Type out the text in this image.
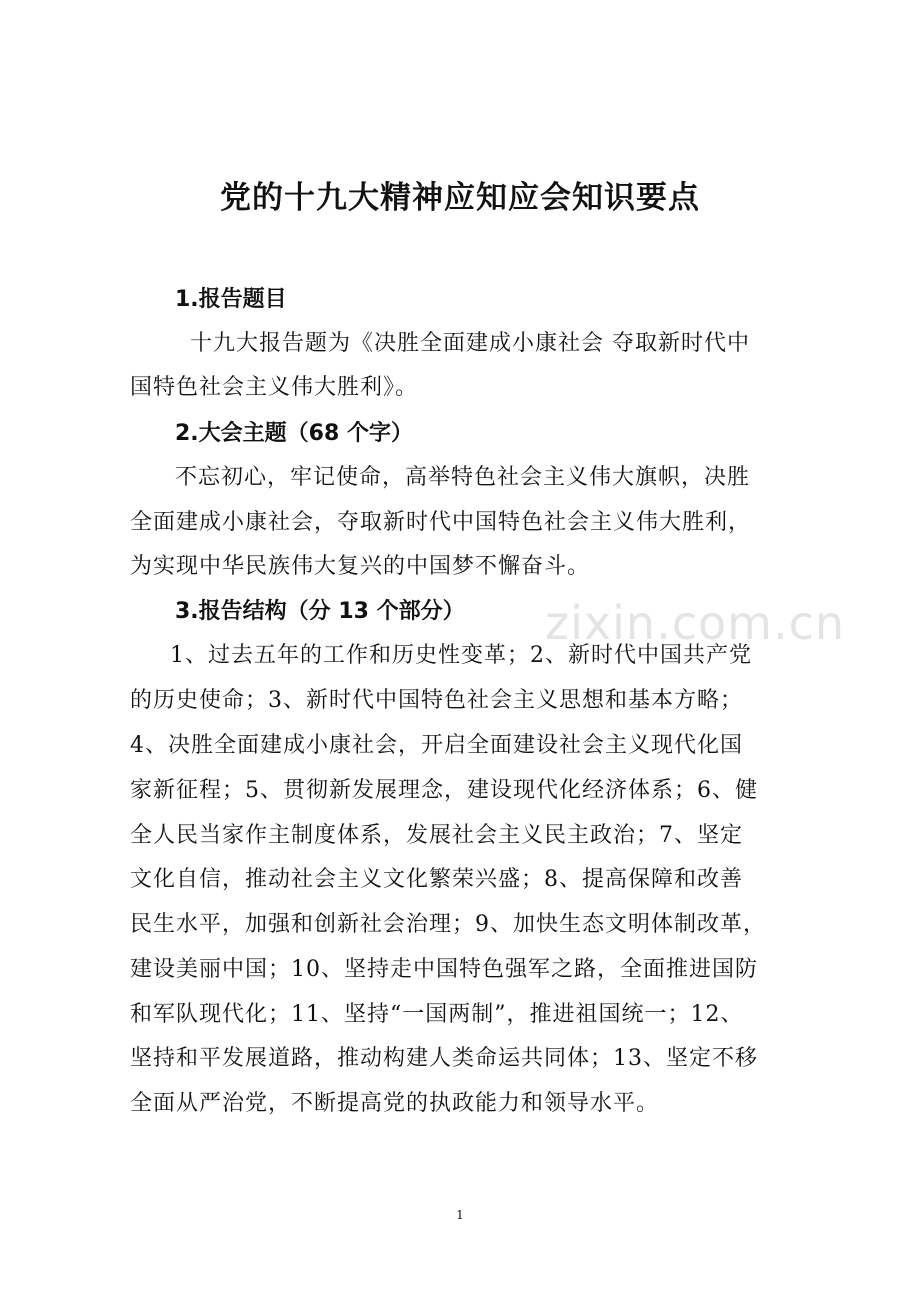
zixin.com.cn
党的十九大精神应知应会知识要点
1.报告题目
十九大报告题为《决胜全面建成小康社会 夺取新时代中
国特色社会主义伟大胜利》。
2.大会主题（68 个字）
不忘初心，牢记使命，高举特色社会主义伟大旗帜，决胜
全面建成小康社会，夺取新时代中国特色社会主义伟大胜利，
为实现中华民族伟大复兴的中国梦不懈奋斗。
3.报告结构（分 13 个部分）
1、过去五年的工作和历史性变革；2、新时代中国共产党
的历史使命；3、新时代中国特色社会主义思想和基本方略；
4、决胜全面建成小康社会，开启全面建设社会主义现代化国
家新征程；5、贯彻新发展理念，建设现代化经济体系；6、健
全人民当家作主制度体系，发展社会主义民主政治；7、坚定
文化自信，推动社会主义文化繁荣兴盛；8、提高保障和改善
民生水平，加强和创新社会治理；9、加快生态文明体制改革，
建设美丽中国；10、坚持走中国特色强军之路，全面推进国防
和军队现代化；11、坚持“一国两制”，推进祖国统一；12、
坚持和平发展道路，推动构建人类命运共同体；13、坚定不移
全面从严治党，不断提高党的执政能力和领导水平。
1
